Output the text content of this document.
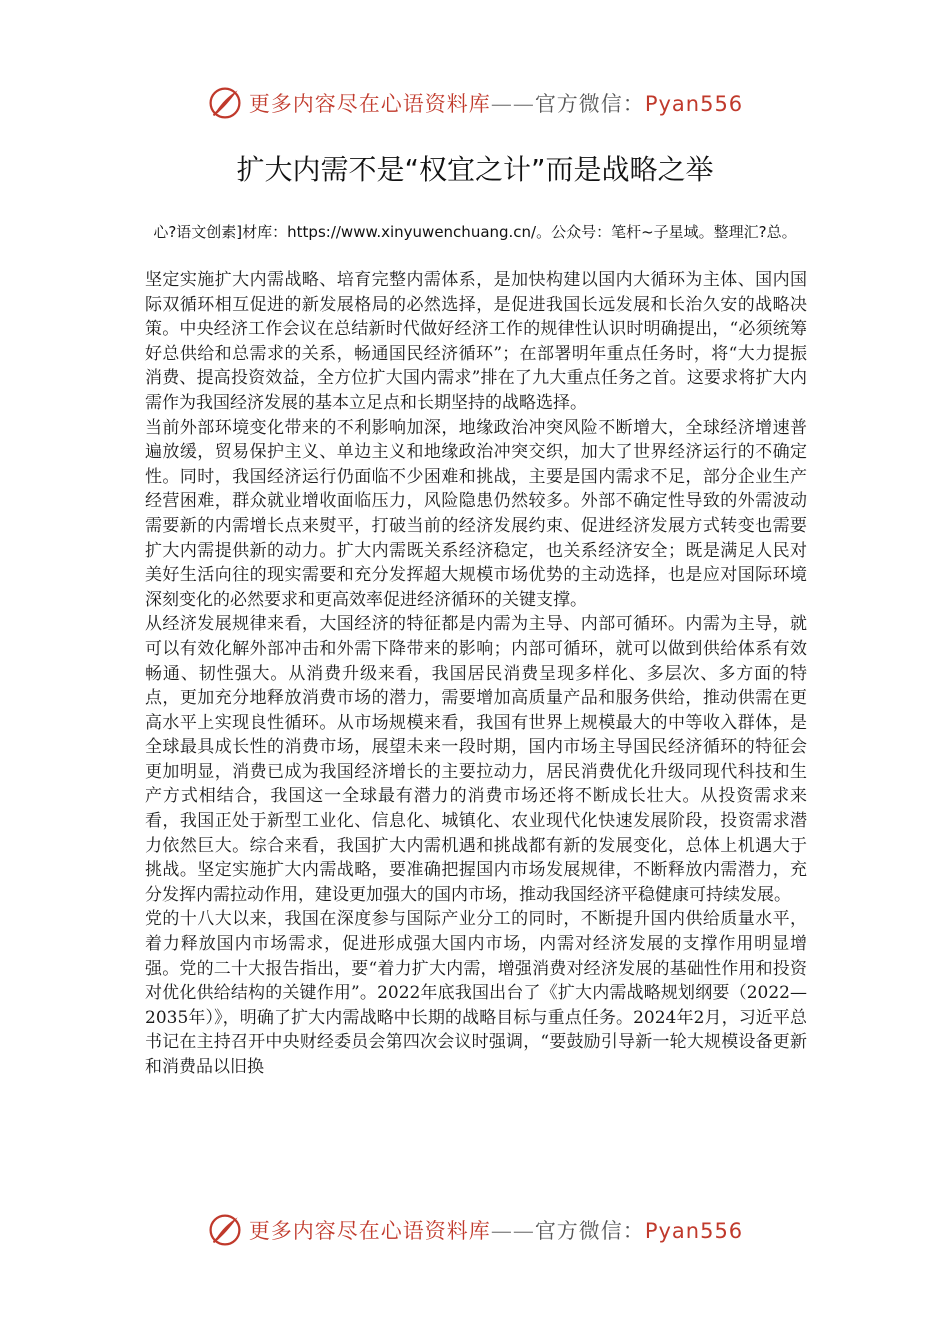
更多内容尽在心语资料库——官方微信：Pyan556
扩大内需不是“权宜之计”而是战略之举
心?语文创素]材库：https://www.xinyuwenchuang.cn/。公众号：笔杆~子星域。整理汇?总。

坚定实施扩大内需战略、培育完整内需体系，是加快构建以国内大循环为主体、国内国际双循环相互促进的新发展格局的必然选择，是促进我国长远发展和长治久安的战略决策。中央经济工作会议在总结新时代做好经济工作的规律性认识时明确提出，“必须统筹好总供给和总需求的关系，畅通国民经济循环”；在部署明年重点任务时，将“大力提振消费、提高投资效益，全方位扩大国内需求”排在了九大重点任务之首。这要求将扩大内需作为我国经济发展的基本立足点和长期坚持的战略选择。

当前外部环境变化带来的不利影响加深，地缘政治冲突风险不断增大，全球经济增速普遍放缓，贸易保护主义、单边主义和地缘政治冲突交织，加大了世界经济运行的不确定性。同时，我国经济运行仍面临不少困难和挑战，主要是国内需求不足，部分企业生产经营困难，群众就业增收面临压力，风险隐患仍然较多。外部不确定性导致的外需波动需要新的内需增长点来熨平，打破当前的经济发展约束、促进经济发展方式转变也需要扩大内需提供新的动力。扩大内需既关系经济稳定，也关系经济安全；既是满足人民对美好生活向往的现实需要和充分发挥超大规模市场优势的主动选择，也是应对国际环境深刻变化的必然要求和更高效率促进经济循环的关键支撑。

从经济发展规律来看，大国经济的特征都是内需为主导、内部可循环。内需为主导，就可以有效化解外部冲击和外需下降带来的影响；内部可循环，就可以做到供给体系有效畅通、韧性强大。从消费升级来看，我国居民消费呈现多样化、多层次、多方面的特点，更加充分地释放消费市场的潜力，需要增加高质量产品和服务供给，推动供需在更高水平上实现良性循环。从市场规模来看，我国有世界上规模最大的中等收入群体，是全球最具成长性的消费市场，展望未来一段时期，国内市场主导国民经济循环的特征会更加明显，消费已成为我国经济增长的主要拉动力，居民消费优化升级同现代科技和生产方式相结合，我国这一全球最有潜力的消费市场还将不断成长壮大。从投资需求来看，我国正处于新型工业化、信息化、城镇化、农业现代化快速发展阶段，投资需求潜力依然巨大。综合来看，我国扩大内需机遇和挑战都有新的发展变化，总体上机遇大于挑战。坚定实施扩大内需战略，要准确把握国内市场发展规律，不断释放内需潜力，充分发挥内需拉动作用，建设更加强大的国内市场，推动我国经济平稳健康可持续发展。

党的十八大以来，我国在深度参与国际产业分工的同时，不断提升国内供给质量水平，着力释放国内市场需求，促进形成强大国内市场，内需对经济发展的支撑作用明显增强。党的二十大报告指出，要“着力扩大内需，增强消费对经济发展的基础性作用和投资对优化供给结构的关键作用”。2022年底我国出台了《扩大内需战略规划纲要（2022—2035年）》，明确了扩大内需战略中长期的战略目标与重点任务。2024年2月，习近平总书记在主持召开中央财经委员会第四次会议时强调，“要鼓励引导新一轮大规模设备更新和消费品以旧换

更多内容尽在心语资料库——官方微信：Pyan556
